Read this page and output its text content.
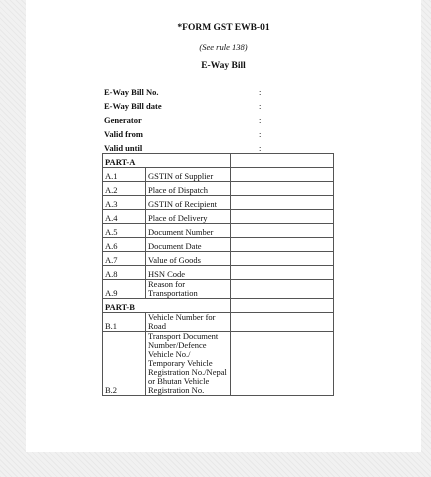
*FORM GST EWB-01
(See rule 138)
E-Way Bill
E-Way Bill No.	:
E-Way Bill date	:
Generator	:
Valid from	:
Valid until	:
PART-A		
A.1	GSTIN of Supplier	
A.2	Place of Dispatch	
A.3	GSTIN of Recipient	
A.4	Place of Delivery	
A.5	Document Number	
A.6	Document Date	
A.7	Value of Goods	
A.8	HSN Code	
A.9	Reason for Transportation	
PART-B		
B.1	Vehicle Number for Road	
B.2	Transport Document Number/Defence Vehicle No./ Temporary Vehicle Registration No./Nepal or Bhutan Vehicle Registration No.	
